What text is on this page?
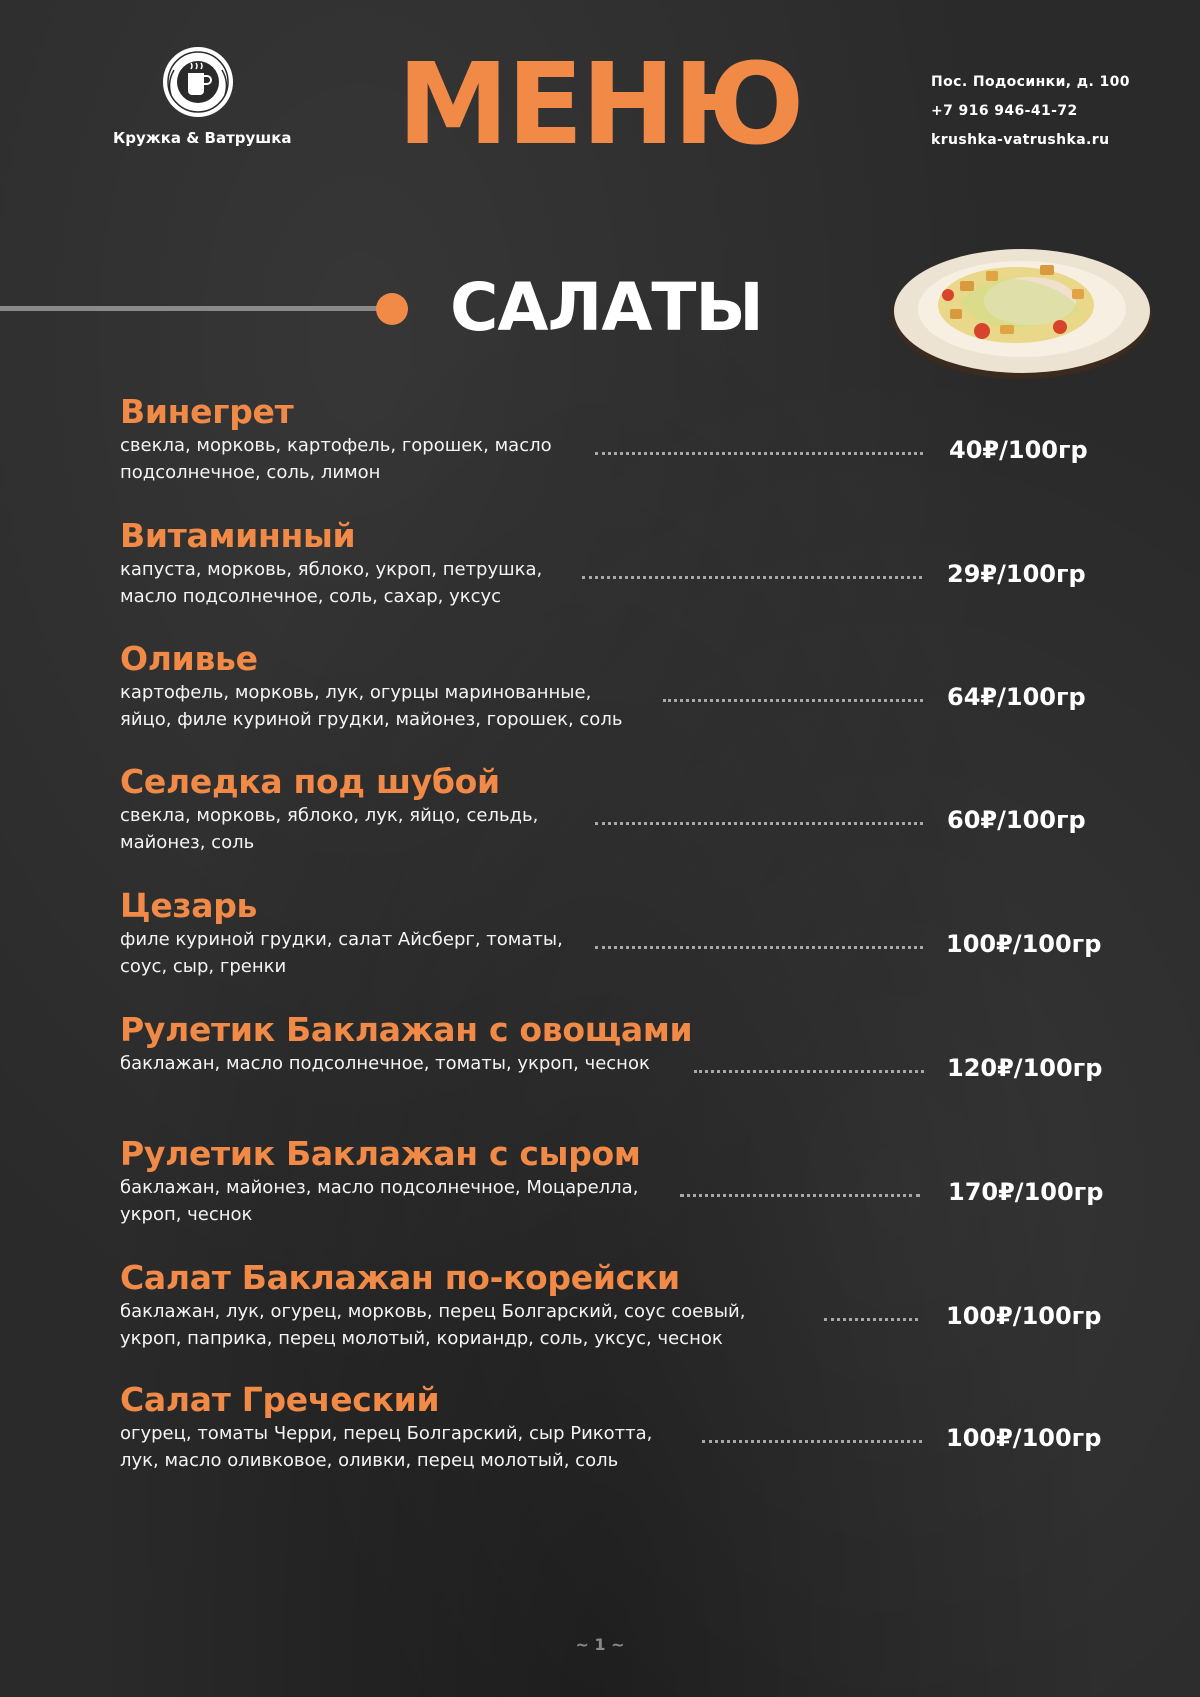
Кружка & Ватрушка МЕНЮ	Пос. Подосинки, д. 100
+7 916 946-41-72
krushka-vatrushka.ru
САЛАТЫ
Винегрет
свекла, морковь, картофель, горошек, масло
подсолнечное, соль, лимон
40₽/100гр
Витаминный
капуста, морковь, яблоко, укроп, петрушка,
масло подсолнечное, соль, сахар, уксус
29₽/100гр
Оливье
картофель, морковь, лук, огурцы маринованные,
яйцо, филе куриной грудки, майонез, горошек, соль
64₽/100гр
Селедка под шубой
свекла, морковь, яблоко, лук, яйцо, сельдь,
майонез, соль
60₽/100гр
Цезарь
филе куриной грудки, салат Айсберг, томаты,
соус, сыр, гренки
100₽/100гр
Рулетик Баклажан с овощами
баклажан, масло подсолнечное, томаты, укроп, чеснок	120₽/100гр
Рулетик Баклажан с сыром
баклажан, майонез, масло подсолнечное, Моцарелла,
укроп, чеснок
170₽/100гр
Салат Баклажан по-корейски
баклажан, лук, огурец, морковь, перец Болгарский, соус соевый,
укроп, паприка, перец молотый, кориандр, соль, уксус, чеснок
100₽/100гр
Салат Греческий
огурец, томаты Черри, перец Болгарский, сыр Рикотта,
лук, масло оливковое, оливки, перец молотый, соль
100₽/100гр
~ 1 ~
